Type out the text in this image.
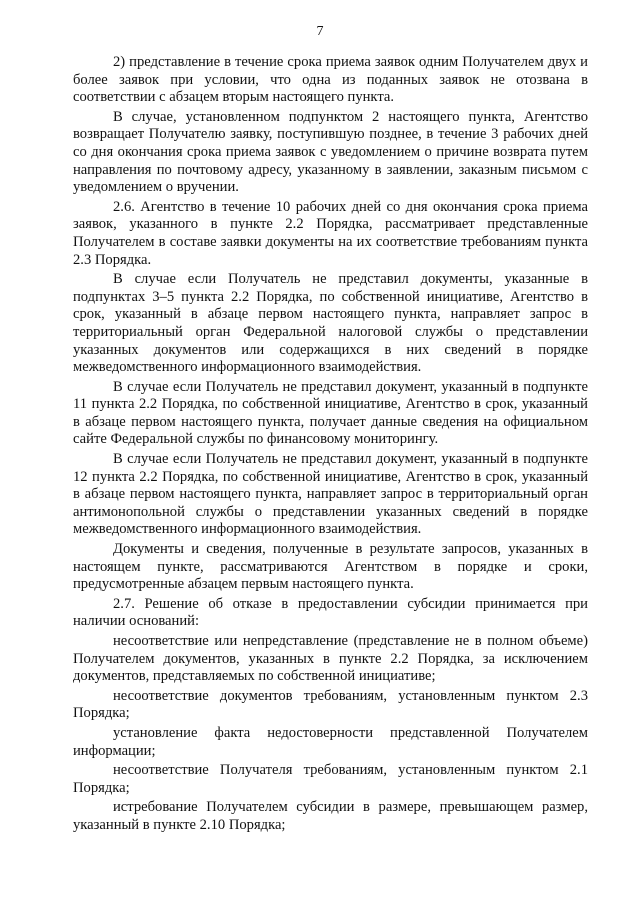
7

2) представление в течение срока приема заявок одним Получателем двух и более заявок при условии, что одна из поданных заявок не отозвана в соответствии с абзацем вторым настоящего пункта.

В случае, установленном подпунктом 2 настоящего пункта, Агентство возвращает Получателю заявку, поступившую позднее, в течение 3 рабочих дней со дня окончания срока приема заявок с уведомлением о причине возврата путем направления по почтовому адресу, указанному в заявлении, заказным письмом с уведомлением о вручении.

2.6. Агентство в течение 10 рабочих дней со дня окончания срока приема заявок, указанного в пункте 2.2 Порядка, рассматривает представленные Получателем в составе заявки документы на их соответствие требованиям пункта 2.3 Порядка.

В случае если Получатель не представил документы, указанные в подпунктах 3–5 пункта 2.2 Порядка, по собственной инициативе, Агентство в срок, указанный в абзаце первом настоящего пункта, направляет запрос в территориальный орган Федеральной налоговой службы о представлении указанных документов или содержащихся в них сведений в порядке межведомственного информационного взаимодействия.

В случае если Получатель не представил документ, указанный в подпункте 11 пункта 2.2 Порядка, по собственной инициативе, Агентство в срок, указанный в абзаце первом настоящего пункта, получает данные сведения на официальном сайте Федеральной службы по финансовому мониторингу.

В случае если Получатель не представил документ, указанный в подпункте 12 пункта 2.2 Порядка, по собственной инициативе, Агентство в срок, указанный в абзаце первом настоящего пункта, направляет запрос в территориальный орган антимонопольной службы о представлении указанных сведений в порядке межведомственного информационного взаимодействия.

Документы и сведения, полученные в результате запросов, указанных в настоящем пункте, рассматриваются Агентством в порядке и сроки, предусмотренные абзацем первым настоящего пункта.

2.7. Решение об отказе в предоставлении субсидии принимается при наличии оснований:

несоответствие или непредставление (представление не в полном объеме) Получателем документов, указанных в пункте 2.2 Порядка, за исключением документов, представляемых по собственной инициативе;

несоответствие документов требованиям, установленным пунктом 2.3 Порядка;

установление факта недостоверности представленной Получателем информации;

несоответствие Получателя требованиям, установленным пунктом 2.1 Порядка;

истребование Получателем субсидии в размере, превышающем размер, указанный в пункте 2.10 Порядка;
